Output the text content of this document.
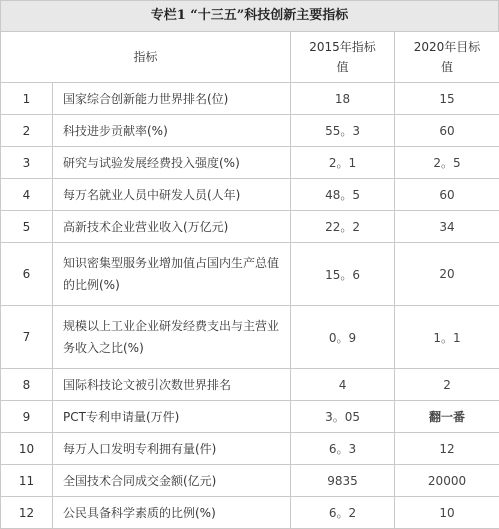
专栏1 “十三五”科技创新主要指标
指标		2015年指标值	2020年目标值
1	国家综合创新能力世界排名(位)	18	15
2	科技进步贡献率(%)	55。3	60
3	研究与试验发展经费投入强度(%)	2。1	2。5
4	每万名就业人员中研发人员(人年)	48。5	60
5	高新技术企业营业收入(万亿元)	22。2	34
6	知识密集型服务业增加值占国内生产总值的比例(%)	15。6	20
7	规模以上工业企业研发经费支出与主营业务收入之比(%)	0。9	1。1
8	国际科技论文被引次数世界排名	4	2
9	PCT专利申请量(万件)	3。05	翻一番
10	每万人口发明专利拥有量(件)	6。3	12
11	全国技术合同成交金额(亿元)	9835	20000
12	公民具备科学素质的比例(%)	6。2	10
